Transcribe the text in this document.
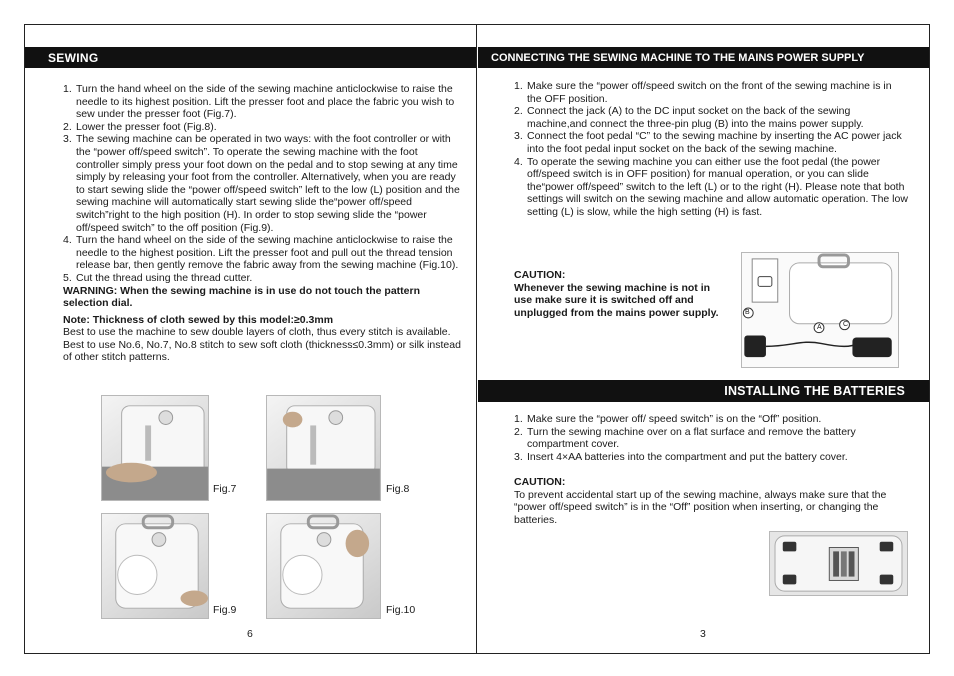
SEWING
1. Turn the hand wheel on the side of the sewing machine anticlockwise to raise the needle to its highest position. Lift the presser foot and place the fabric you wish to sew under the presser foot (Fig.7).
2. Lower the presser foot (Fig.8).
3. The sewing machine can be operated in two ways: with the foot controller or with the “power off/speed switch”. To operate the sewing machine with the foot controller simply press your foot down on the pedal and to stop sewing at any time simply by releasing your foot from the controller. Alternatively, when you are ready to start sewing slide the “power off/speed switch” left to the low (L) position and the sewing machine will automatically start sewing slide the“power off/speed switch”right to the high position (H). In order to stop sewing slide the “power off/speed switch” to the off position (Fig.9).
4. Turn the hand wheel on the side of the sewing machine anticlockwise to raise the needle to the highest position. Lift the presser foot and pull out the thread tension release bar, then gently remove the fabric away from the sewing machine (Fig.10).
5. Cut the thread using the thread cutter.
WARNING: When the sewing machine is in use do not touch the pattern selection dial.
Note: Thickness of cloth sewed by this model:≥0.3mm
Best to use the machine to sew double layers of cloth, thus every stitch is available. Best to use No.6, No.7, No.8 stitch to sew soft cloth (thickness≤0.3mm) or silk instead of other stitch patterns.
Fig.7	Fig.8
Fig.9	Fig.10
6
CONNECTING THE SEWING MACHINE TO THE MAINS POWER SUPPLY
1. Make sure the “power off/speed switch on the front of the sewing machine is in the OFF position.
2. Connect the jack (A) to the DC input socket on the back of the sewing machine,and connect the three-pin plug (B) into the mains power supply.
3. Connect the foot pedal “C” to the sewing machine by inserting the AC power jack into the foot pedal input socket on the back of the sewing machine.
4. To operate the sewing machine you can either use the foot pedal (the power off/speed switch is in OFF position) for manual operation, or you can slide the“power off/speed” switch to the left (L) or to the right (H). Please note that both settings will switch on the sewing machine and allow automatic operation. The low setting (L) is slow, while the high setting (H) is fast.
CAUTION:
Whenever the sewing machine is not in use make sure it is switched off and unplugged from the mains power supply.	B
A	C
INSTALLING THE BATTERIES
1. Make sure the “power off/ speed switch” is on the “Off” position.
2. Turn the sewing machine over on a flat surface and remove the battery compartment cover.
3. Insert 4×AA batteries into the compartment and put the battery cover.
CAUTION:
To prevent accidental start up of the sewing machine, always make sure that the “power off/speed switch” is in the “Off” position when inserting, or changing the batteries.
3
